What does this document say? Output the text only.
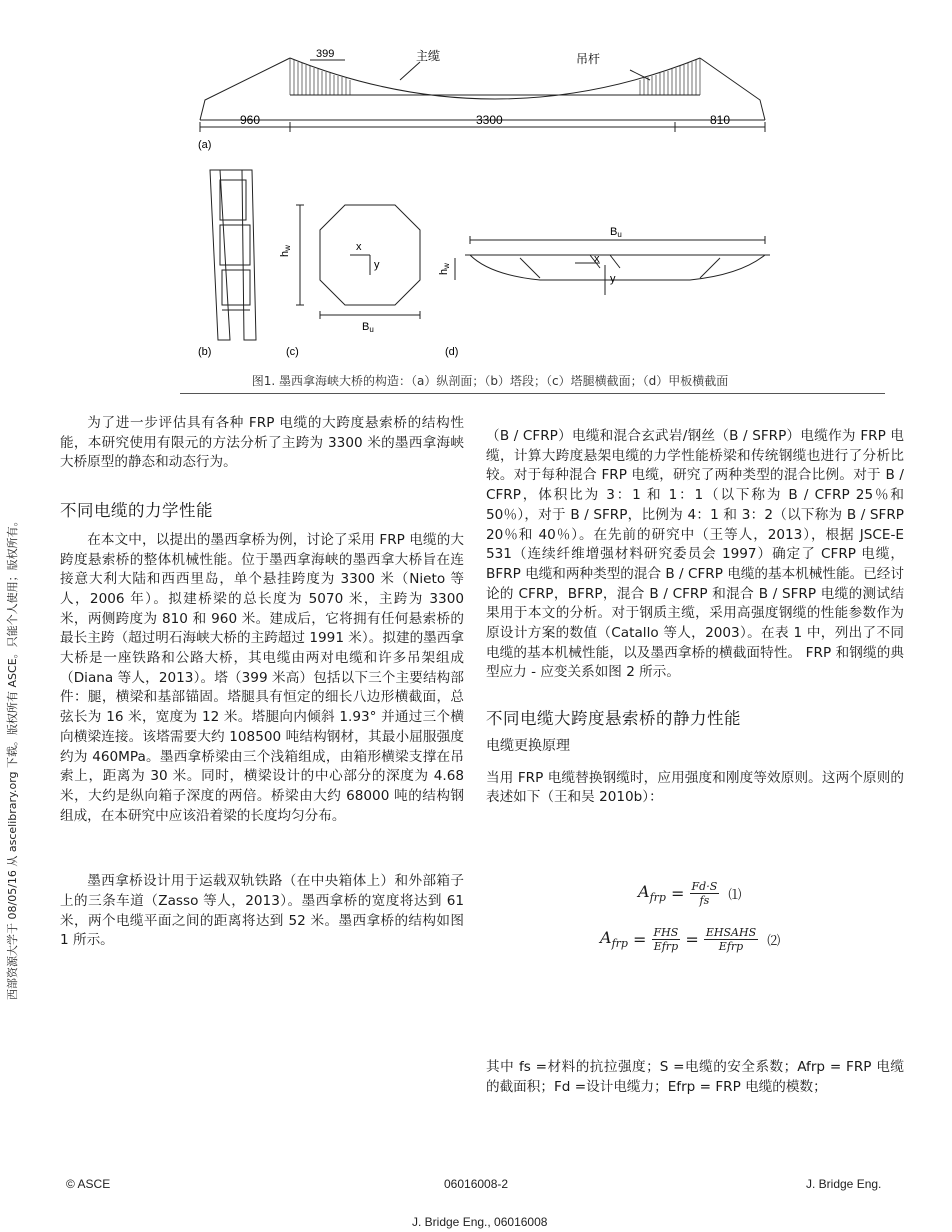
399	主缆	吊杆
960	3300	810
(a)
(b)
hw
Bu
x
y
(c)
Bu
hw
x
y
(d)
图1. 墨西拿海峡大桥的构造：（a）纵剖面；（b）塔段；（c）塔腿横截面；（d）甲板横截面

为了进一步评估具有各种 FRP 电缆的大跨度悬索桥的结构性能，本研究使用有限元的方法分析了主跨为 3300 米的墨西拿海峡大桥原型的静态和动态行为。

不同电缆的力学性能

在本文中，以提出的墨西拿桥为例，讨论了采用 FRP 电缆的大跨度悬索桥的整体机械性能。位于墨西拿海峡的墨西拿大桥旨在连接意大利大陆和西西里岛，单个悬挂跨度为 3300 米（Nieto 等人，2006 年）。拟建桥梁的总长度为 5070 米，主跨为 3300 米，两侧跨度为 810 和 960 米。建成后，它将拥有任何悬索桥的最长主跨（超过明石海峡大桥的主跨超过 1991 米）。拟建的墨西拿大桥是一座铁路和公路大桥，其电缆由两对电缆和许多吊架组成（Diana 等人，2013）。塔（399 米高）包括以下三个主要结构部件：腿，横梁和基部锚固。塔腿具有恒定的细长八边形横截面，总弦长为 16 米，宽度为 12 米。塔腿向内倾斜 1.93° 并通过三个横向横梁连接。该塔需要大约 108500 吨结构钢材，其最小屈服强度约为 460MPa。墨西拿桥梁由三个浅箱组成，由箱形横梁支撑在吊索上，距离为 30 米。同时，横梁设计的中心部分的深度为 4.68 米，大约是纵向箱子深度的两倍。桥梁由大约 68000 吨的结构钢组成，在本研究中应该沿着梁的长度均匀分布。

墨西拿桥设计用于运载双轨铁路（在中央箱体上）和外部箱子上的三条车道（Zasso 等人，2013）。墨西拿桥的宽度将达到 61 米，两个电缆平面之间的距离将达到 52 米。墨西拿桥的结构如图 1 所示。

（B / CFRP）电缆和混合玄武岩/钢丝（B / SFRP）电缆作为 FRP 电缆，计算大跨度悬架电缆的力学性能桥梁和传统钢缆也进行了分析比较。对于每种混合 FRP 电缆，研究了两种类型的混合比例。对于 B / CFRP，体积比为 3：1 和 1：1（以下称为 B / CFRP 25％和 50％），对于 B / SFRP，比例为 4：1 和 3：2（以下称为 B / SFRP 20％和 40％）。在先前的研究中（王等人，2013），根据 JSCE-E 531（连续纤维增强材料研究委员会 1997）确定了 CFRP 电缆，BFRP 电缆和两种类型的混合 B / CFRP 电缆的基本机械性能。已经讨论的 CFRP，BFRP，混合 B / CFRP 和混合 B / SFRP 电缆的测试结果用于本文的分析。对于钢质主缆，采用高强度钢缆的性能参数作为原设计方案的数值（Catallo 等人，2003）。在表 1 中，列出了不同电缆的基本机械性能，以及墨西拿桥的横截面特性。 FRP 和钢缆的典型应力 - 应变关系如图 2 所示。

不同电缆大跨度悬索桥的静力性能
电缆更换原理

当用 FRP 电缆替换钢缆时，应用强度和刚度等效原则。这两个原则的表述如下（王和吴 2010b）：

$A_{frp} = \frac{Fd\cdot S}{fs}$ ⑴
$A_{frp} = \frac{\text{FHS}}{\text{Efrp}} = \frac{\text{EHSAHS}}{\text{Efrp}}$ ⑵

其中 fs =材料的抗拉强度；S =电缆的安全系数；Afrp = FRP 电缆的截面积；Fd =设计电缆力；Efrp = FRP 电缆的模数；

西部资源大学于 08/05/16 从 ascelibrary.org 下载。版权所有 ASCE。只能个人使用；版权所有。
© ASCE	06016008-2	J. Bridge Eng.
J. Bridge Eng., 06016008
